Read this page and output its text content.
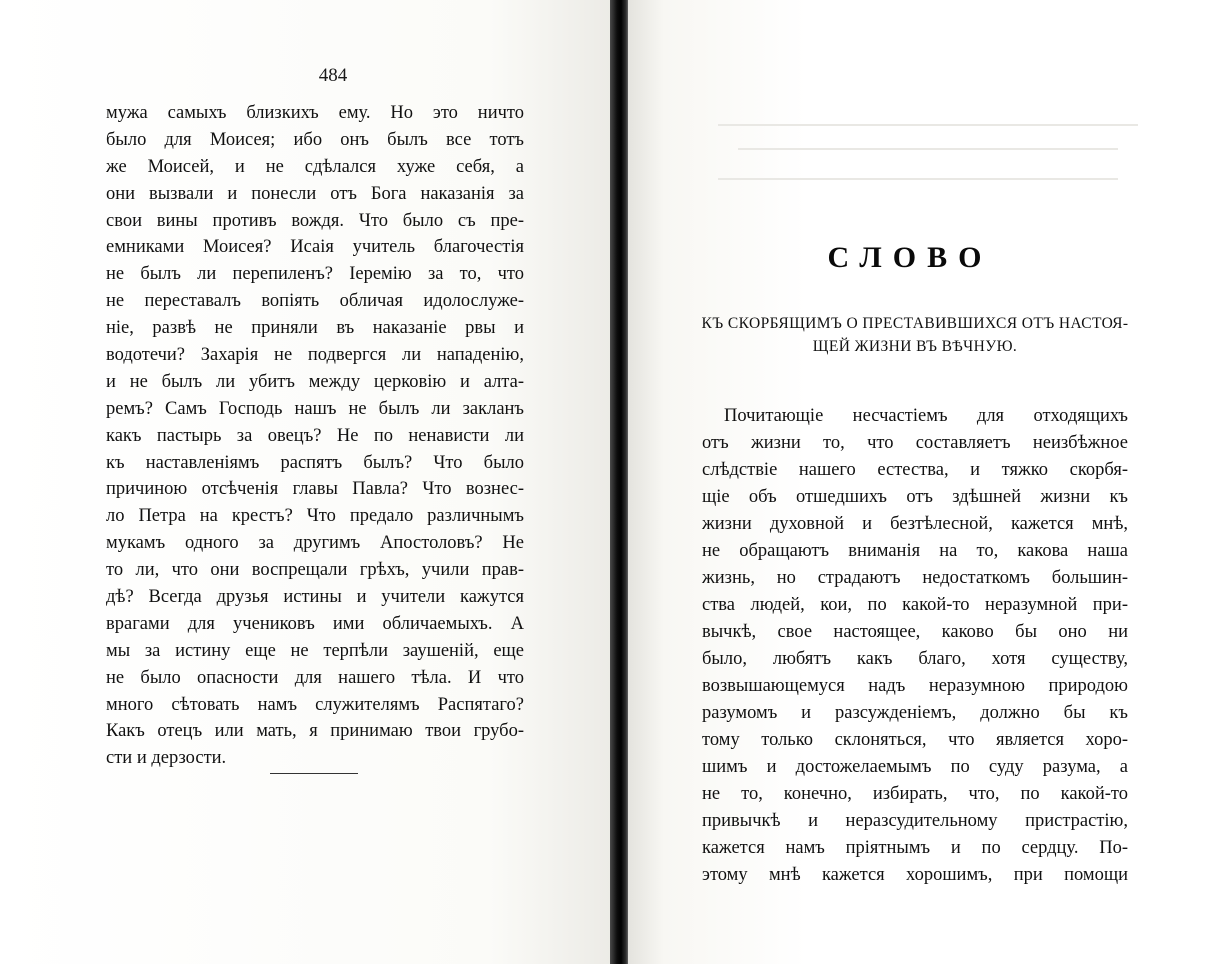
484
мужа самыхъ близкихъ ему. Но это ничто
было для Моисея; ибо онъ былъ все тотъ
же Моисей, и не сдѣлался хуже себя, а
они вызвали и понесли отъ Бога наказанія за
свои вины противъ вождя. Что было съ пре-
емниками Моисея? Исаія учитель благочестія
не былъ ли перепиленъ? Іеремію за то, что
не переставалъ вопіять обличая идолослуже-
ніе, развѣ не приняли въ наказаніе рвы и
водотечи? Захарія не подвергся ли нападенію,
и не былъ ли убитъ между церковію и алта-
ремъ? Самъ Господь нашъ не былъ ли закланъ
какъ пастырь за овецъ? Не по ненависти ли
къ наставленіямъ распятъ былъ? Что было
причиною отсѣченія главы Павла? Что вознес-
ло Петра на крестъ? Что предало различнымъ
мукамъ одного за другимъ Апостоловъ? Не
то ли, что они воспрещали грѣхъ, учили прав-
дѣ? Всегда друзья истины и учители кажутся
врагами для учениковъ ими обличаемыхъ. А
мы за истину еще не терпѣли заушеній, еще
не было опасности для нашего тѣла. И что
много сѣтовать намъ служителямъ Распятаго?
Какъ отецъ или мать, я принимаю твои грубо-
сти и дерзости.
СЛОВО
КЪ СКОРБЯЩИМЪ О ПРЕСТАВИВШИХСЯ ОТЪ НАСТОЯ-
ЩЕЙ ЖИЗНИ ВЪ ВѢЧНУЮ.
Почитающіе несчастіемъ для отходящихъ
отъ жизни то, что составляетъ неизбѣжное
слѣдствіе нашего естества, и тяжко скорбя-
щіе объ отшедшихъ отъ здѣшней жизни къ
жизни духовной и безтѣлесной, кажется мнѣ,
не обращаютъ вниманія на то, какова наша
жизнь, но страдаютъ недостаткомъ большин-
ства людей, кои, по какой-то неразумной при-
вычкѣ, свое настоящее, каково бы оно ни
было, любятъ какъ благо, хотя существу,
возвышающемуся надъ неразумною природою
разумомъ и разсужденіемъ, должно бы къ
тому только склоняться, что является хоро-
шимъ и достожелаемымъ по суду разума, а
не то, конечно, избирать, что, по какой-то
привычкѣ и неразсудительному пристрастію,
кажется намъ пріятнымъ и по сердцу. По-
этому мнѣ кажется хорошимъ, при помощи
